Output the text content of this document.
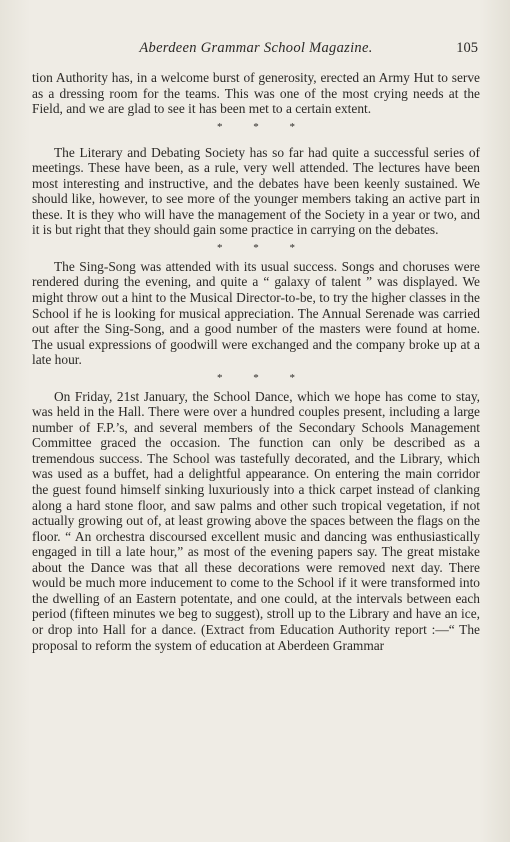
Aberdeen Grammar School Magazine.	105

tion Authority has, in a welcome burst of generosity, erected an Army Hut to serve as a dressing room for the teams. This was one of the most crying needs at the Field, and we are glad to see it has been met to a certain extent.

* * *

The Literary and Debating Society has so far had quite a successful series of meetings. These have been, as a rule, very well attended. The lectures have been most interesting and instructive, and the debates have been keenly sustained. We should like, however, to see more of the younger members taking an active part in these. It is they who will have the management of the Society in a year or two, and it is but right that they should gain some practice in carrying on the debates.

* * *

The Sing-Song was attended with its usual success. Songs and choruses were rendered during the evening, and quite a “ galaxy of talent ” was displayed. We might throw out a hint to the Musical Director-to-be, to try the higher classes in the School if he is looking for musical appreciation. The Annual Serenade was carried out after the Sing-Song, and a good number of the masters were found at home. The usual expressions of goodwill were exchanged and the company broke up at a late hour.

* * *

On Friday, 21st January, the School Dance, which we hope has come to stay, was held in the Hall. There were over a hundred couples present, including a large number of F.P.’s, and several members of the Secondary Schools Management Committee graced the occasion. The function can only be described as a tremendous success. The School was tastefully decorated, and the Library, which was used as a buffet, had a delightful appearance. On entering the main corridor the guest found himself sinking luxuriously into a thick carpet instead of clanking along a hard stone floor, and saw palms and other such tropical vegetation, if not actually growing out of, at least growing above the spaces between the flags on the floor. “ An orchestra discoursed excellent music and dancing was enthusiastically engaged in till a late hour,” as most of the evening papers say. The great mistake about the Dance was that all these decorations were removed next day. There would be much more inducement to come to the School if it were transformed into the dwelling of an Eastern potentate, and one could, at the intervals between each period (fifteen minutes we beg to suggest), stroll up to the Library and have an ice, or drop into Hall for a dance. (Extract from Education Authority report :—“ The proposal to reform the system of education at Aberdeen Grammar
